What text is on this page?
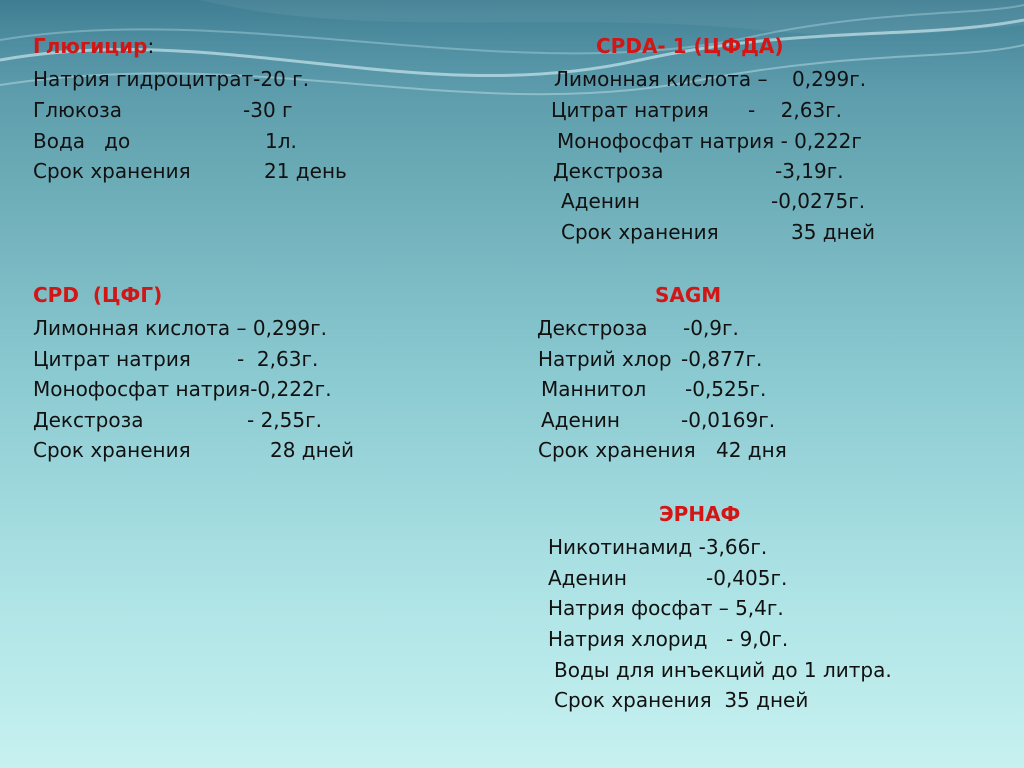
Глюгицир:
Натрия гидроцитрат-20 г.
Глюкоза	-30 г
Вода   до	1л.
Срок хранения	21 день
CPDA- 1 (ЦФДА)
Лимонная кислота – 0,299г.
Цитрат натрия -    2,63г.
Монофосфат натрия - 0,222г
Декстроза	-3,19г.
Аденин	-0,0275г.
Срок хранения	35 дней
CPD  (ЦФГ)
Лимонная кислота – 0,299г.
Цитрат натрия -  2,63г.
Монофосфат натрия-0,222г.
Декстроза	- 2,55г.
Срок хранения	28 дней
SAGM
Декстроза -0,9г.
Натрий хлор -0,877г.
Маннитол -0,525г.
Аденин	-0,0169г.
Срок хранения 42 дня
ЭРНАФ
Никотинамид -3,66г.
Аденин	-0,405г.
Натрия фосфат – 5,4г.
Натрия хлорид - 9,0г.
Воды для инъекций до 1 литра.
Срок хранения  35 дней
